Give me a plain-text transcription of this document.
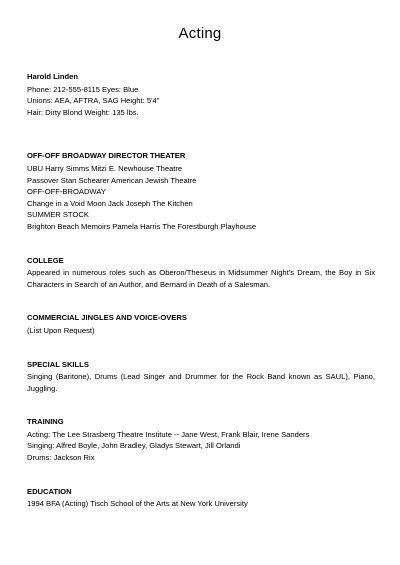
Acting
Harold Linden
Phone: 212-555-8115 Eyes: Blue
Unions: AEA, AFTRA, SAG Height: 5'4"
Hair: Dirty Blond Weight: 135 lbs.
OFF-OFF BROADWAY DIRECTOR THEATER
UBU Harry Simms Mitzi E. Newhouse Theatre
Passover Stan Schearer American Jewish Theatre
OFF-OFF-BROADWAY
Change in a Void Moon Jack Joseph The Kitchen
SUMMER STOCK
Brighton Beach Memoirs Pamela Harris The Forestburgh Playhouse
COLLEGE
Appeared in numerous roles such as Oberon/Theseus in Midsummer Night's Dream, the Boy in Six Characters in Search of an Author, and Bernard in Death of a Salesman.
COMMERCIAL JINGLES AND VOICE-OVERS
(List Upon Request)
SPECIAL SKILLS
Singing (Baritone), Drums (Lead Singer and Drummer for the Rock Band known as SAUL), Piano, Juggling.
TRAINING
Acting: The Lee Strasberg Theatre Institute -- Jane West, Frank Blair, Irene Sanders
Singing: Alfred Boyle, John Bradley, Gladys Stewart, Jill Orlandi
Drums: Jackson Rix
EDUCATION
1994 BFA (Acting) Tisch School of the Arts at New York University
